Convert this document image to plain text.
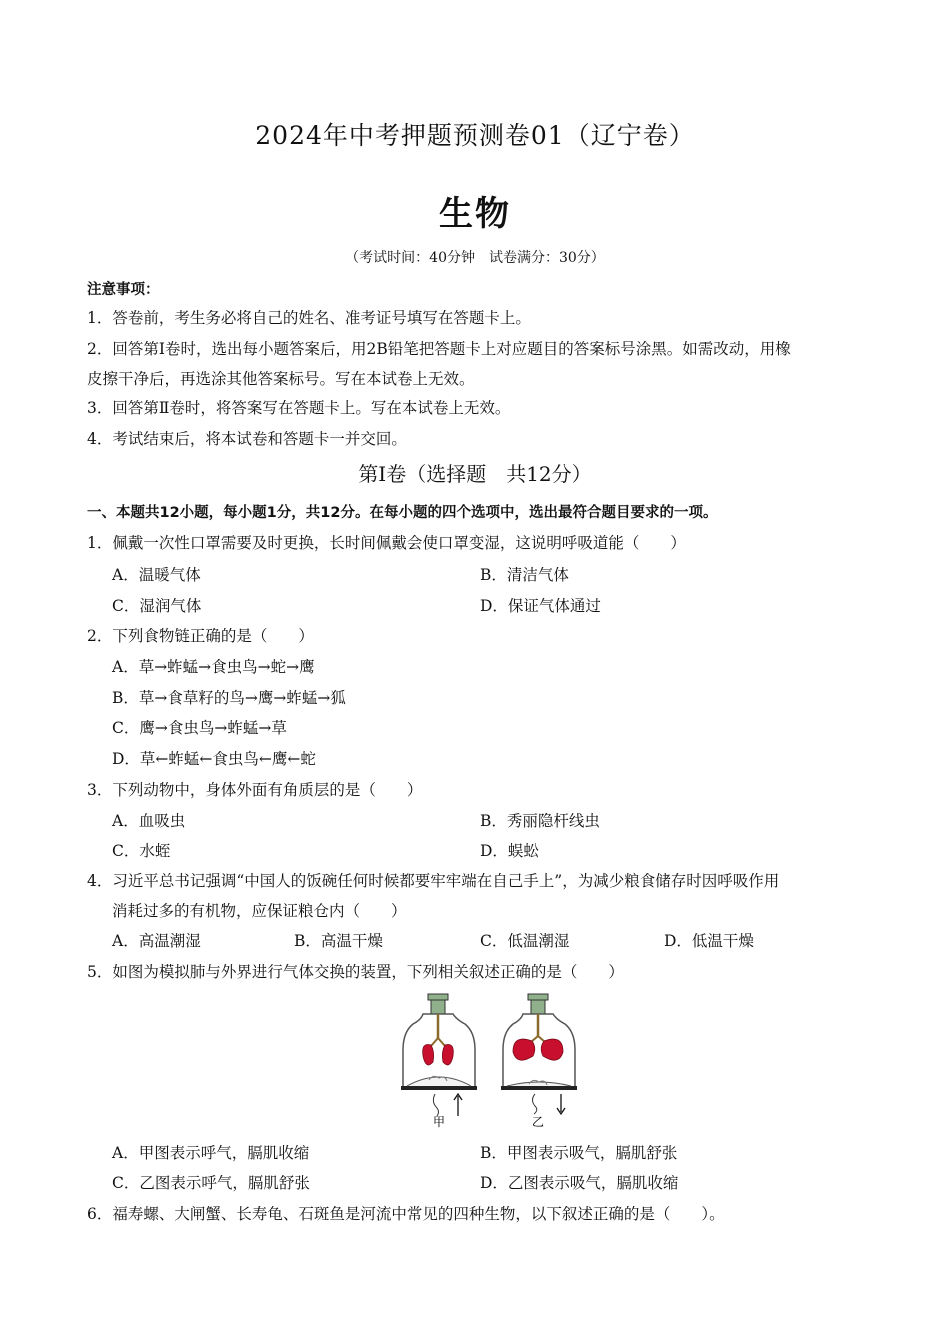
2024年中考押题预测卷01（辽宁卷）
生物
（考试时间：40分钟　试卷满分：30分）
注意事项：
1．答卷前，考生务必将自己的姓名、准考证号填写在答题卡上。
2．回答第Ⅰ卷时，选出每小题答案后，用2B铅笔把答题卡上对应题目的答案标号涂黑。如需改动，用橡
皮擦干净后，再选涂其他答案标号。写在本试卷上无效。
3．回答第Ⅱ卷时，将答案写在答题卡上。写在本试卷上无效。
4．考试结束后，将本试卷和答题卡一并交回。
第Ⅰ卷（选择题　共12分）
一、本题共12小题，每小题1分，共12分。在每小题的四个选项中，选出最符合题目要求的一项。
1．佩戴一次性口罩需要及时更换，长时间佩戴会使口罩变湿，这说明呼吸道能（　　）
A．温暖气体	B．清洁气体
C．湿润气体	D．保证气体通过
2．下列食物链正确的是（　　）
A．草→蚱蜢→食虫鸟→蛇→鹰
B．草→食草籽的鸟→鹰→蚱蜢→狐
C．鹰→食虫鸟→蚱蜢→草
D．草←蚱蜢←食虫鸟←鹰←蛇
3．下列动物中，身体外面有角质层的是（　　）
A．血吸虫	B．秀丽隐杆线虫
C．水蛭	D．蜈蚣
4．习近平总书记强调“中国人的饭碗任何时候都要牢牢端在自己手上”，为减少粮食储存时因呼吸作用
消耗过多的有机物，应保证粮仓内（　　）
A．高温潮湿	B．高温干燥	C．低温潮湿	D．低温干燥
5．如图为模拟肺与外界进行气体交换的装置，下列相关叙述正确的是（　　）
甲	乙
A．甲图表示呼气，膈肌收缩	B．甲图表示吸气，膈肌舒张
C．乙图表示呼气，膈肌舒张	D．乙图表示吸气，膈肌收缩
6．福寿螺、大闸蟹、长寿龟、石斑鱼是河流中常见的四种生物，以下叙述正确的是（　　）。
